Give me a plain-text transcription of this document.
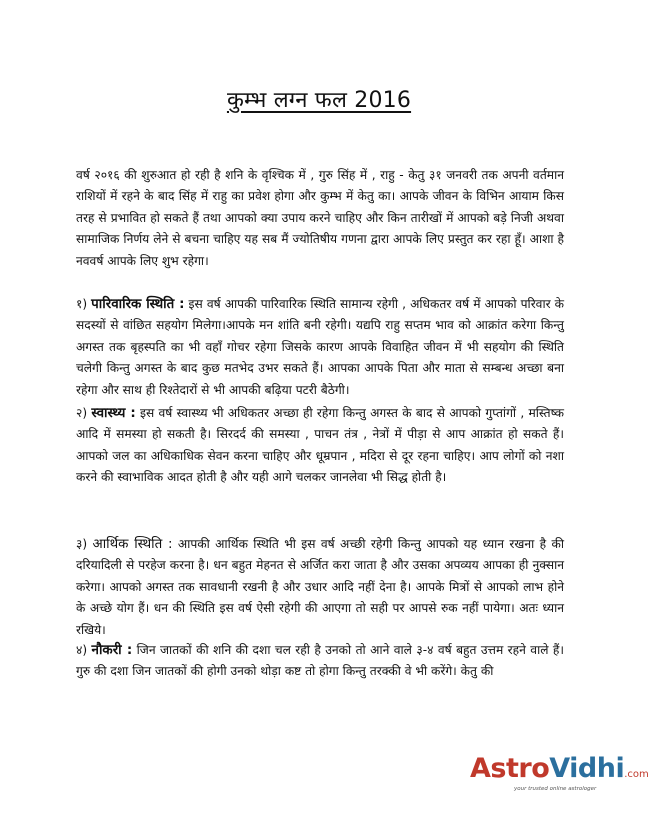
कुम्भ लग्न फल 2016

वर्ष २०१६ की शुरुआत हो रही है शनि के वृश्चिक में , गुरु सिंह में , राहु - केतु ३१ जनवरी तक अपनी वर्तमान राशियों में रहने के बाद सिंह में राहु का प्रवेश होगा और कुम्भ में केतु का। आपके जीवन के विभिन आयाम किस तरह से प्रभावित हो सकते हैं तथा आपको क्या उपाय करने चाहिए और किन तारीखों में आपको बड़े निजी अथवा सामाजिक निर्णय लेने से बचना चाहिए यह सब मैं ज्योतिषीय गणना द्वारा आपके लिए प्रस्तुत कर रहा हूँ। आशा है नववर्ष आपके लिए शुभ रहेगा।

१) पारिवारिक स्थिति : इस वर्ष आपकी पारिवारिक स्थिति सामान्य रहेगी , अधिकतर वर्ष में आपको परिवार के सदस्यों से वांछित सहयोग मिलेगा।आपके मन शांति बनी रहेगी। यद्यपि राहु सप्तम भाव को आक्रांत करेगा किन्तु अगस्त तक बृहस्पति का भी वहाँ गोचर रहेगा जिसके कारण आपके विवाहित जीवन में भी सहयोग की स्थिति चलेगी किन्तु अगस्त के बाद कुछ मतभेद उभर सकते हैं। आपका आपके पिता और माता से सम्बन्ध अच्छा बना रहेगा और साथ ही रिश्तेदारों से भी आपकी बढ़िया पटरी बैठेगी।

२) स्वास्थ्य : इस वर्ष स्वास्थ्य भी अधिकतर अच्छा ही रहेगा किन्तु अगस्त के बाद से आपको गुप्तांगों , मस्तिष्क आदि में समस्या हो सकती है। सिरदर्द की समस्या , पाचन तंत्र , नेत्रों में पीड़ा से आप आक्रांत हो सकते हैं।आपको जल का अधिकाधिक सेवन करना चाहिए और धूम्रपान , मदिरा से दूर रहना चाहिए। आप लोगों को नशा करने की स्वाभाविक आदत होती है और यही आगे चलकर जानलेवा भी सिद्ध होती है।

३) आर्थिक स्थिति : आपकी आर्थिक स्थिति भी इस वर्ष अच्छी रहेगी किन्तु आपको यह ध्यान रखना है की दरियादिली से परहेज करना है। धन बहुत मेहनत से अर्जित करा जाता है और उसका अपव्यय आपका ही नुक्सान करेगा। आपको अगस्त तक सावधानी रखनी है और उधार आदि नहीं देना है। आपके मित्रों से आपको लाभ होने के अच्छे योग हैं। धन की स्थिति इस वर्ष ऐसी रहेगी की आएगा तो सही पर आपसे रुक नहीं पायेगा। अतः ध्यान रखिये।

४) नौकरी : जिन जातकों की शनि की दशा चल रही है उनको तो आने वाले ३-४ वर्ष बहुत उत्तम रहने वाले हैं। गुरु की दशा जिन जातकों की होगी उनको थोड़ा कष्ट तो होगा किन्तु तरक्की वे भी करेंगे। केतु की

AstroVidhi.com
your trusted online astrologer
